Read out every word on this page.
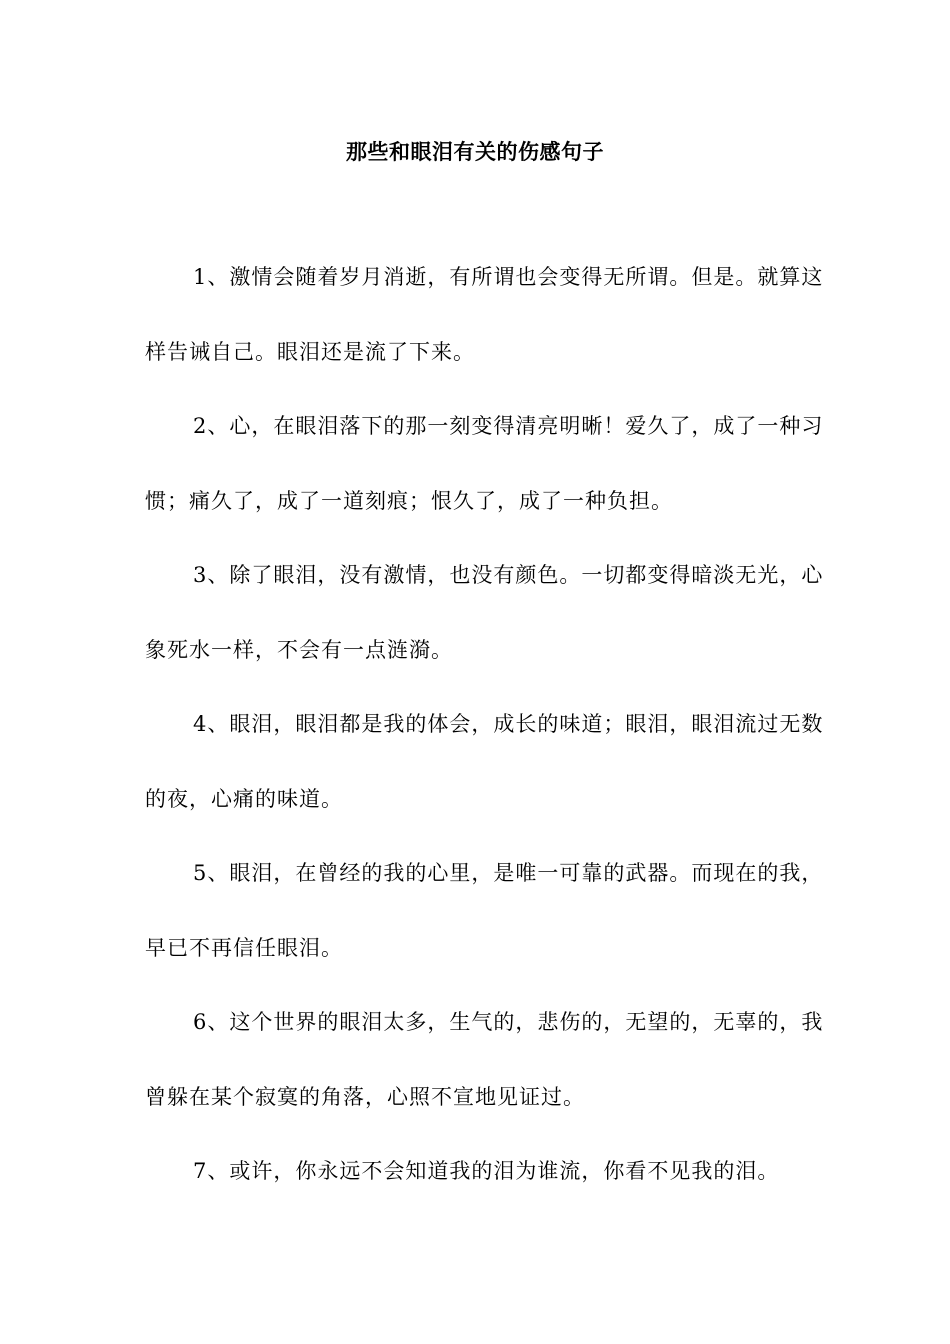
那些和眼泪有关的伤感句子

1、激情会随着岁月消逝，有所谓也会变得无所谓。但是。就算这样告诫自己。眼泪还是流了下来。

2、心，在眼泪落下的那一刻变得清亮明晰！爱久了，成了一种习惯；痛久了，成了一道刻痕；恨久了，成了一种负担。

3、除了眼泪，没有激情，也没有颜色。一切都变得暗淡无光，心象死水一样，不会有一点涟漪。

4、眼泪，眼泪都是我的体会，成长的味道；眼泪，眼泪流过无数的夜，心痛的味道。

5、眼泪，在曾经的我的心里，是唯一可靠的武器。而现在的我，早已不再信任眼泪。

6、这个世界的眼泪太多，生气的，悲伤的，无望的，无辜的，我曾躲在某个寂寞的角落，心照不宣地见证过。

7、或许，你永远不会知道我的泪为谁流，你看不见我的泪。
